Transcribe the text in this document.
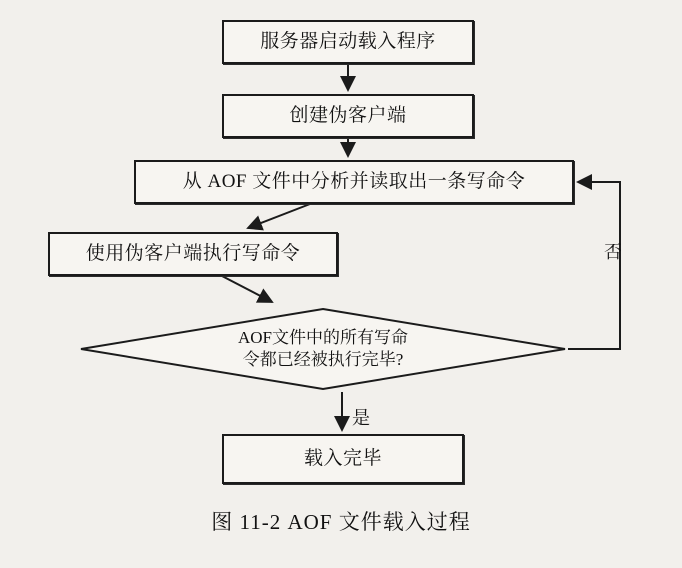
服务器启动载入程序
创建伪客户端
从 AOF 文件中分析并读取出一条写命令
使用伪客户端执行写命令
AOF文件中的所有写命
令都已经被执行完毕?
载入完毕
否
是
图 11-2 AOF 文件载入过程
